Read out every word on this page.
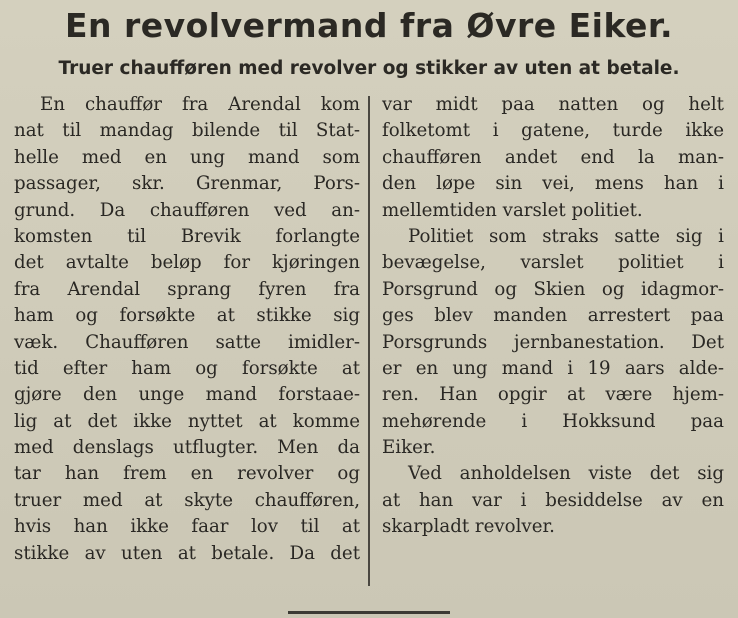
En revolvermand fra Øvre Eiker.
Truer chaufføren med revolver og stikker av uten at betale.
En chauffør fra Arendal kom
nat til mandag bilende til Stat-
helle med en ung mand som
passager, skr. Grenmar, Pors-
grund. Da chaufføren ved an-
komsten til Brevik forlangte
det avtalte beløp for kjøringen
fra Arendal sprang fyren fra
ham og forsøkte at stikke sig
væk. Chaufføren satte imidler-
tid efter ham og forsøkte at
gjøre den unge mand forstaae-
lig at det ikke nyttet at komme
med denslags utflugter. Men da
tar han frem en revolver og
truer med at skyte chaufføren,
hvis han ikke faar lov til at
stikke av uten at betale. Da det
var midt paa natten og helt
folketomt i gatene, turde ikke
chaufføren andet end la man-
den løpe sin vei, mens han i
mellemtiden varslet politiet.
Politiet som straks satte sig i
bevægelse, varslet politiet i
Porsgrund og Skien og idagmor-
ges blev manden arrestert paa
Porsgrunds jernbanestation. Det
er en ung mand i 19 aars alde-
ren. Han opgir at være hjem-
mehørende i Hokksund paa
Eiker.
Ved anholdelsen viste det sig
at han var i besiddelse av en
skarpladt revolver.
